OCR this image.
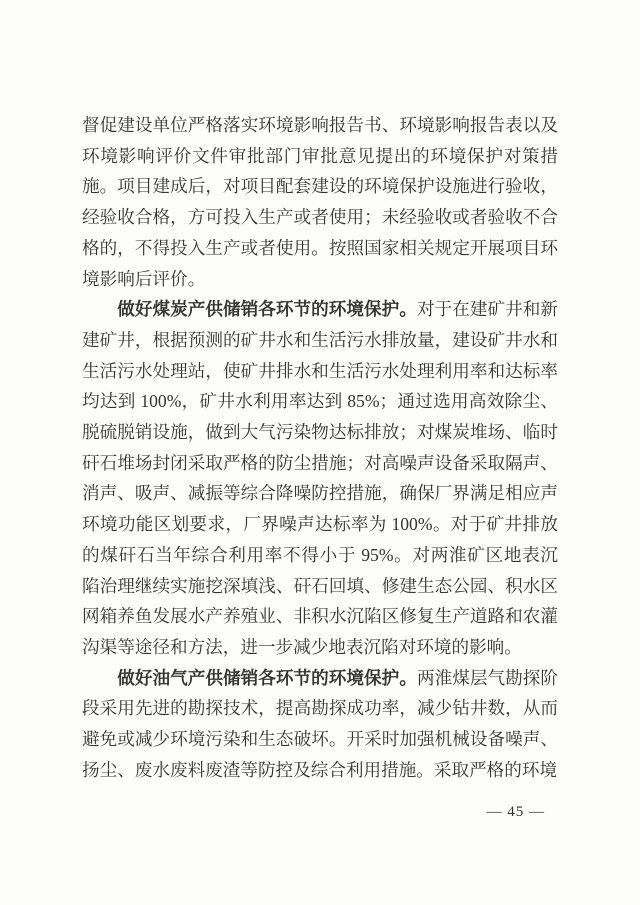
督促建设单位严格落实环境影响报告书、环境影响报告表以及环境影响评价文件审批部门审批意见提出的环境保护对策措施。项目建成后，对项目配套建设的环境保护设施进行验收，经验收合格，方可投入生产或者使用；未经验收或者验收不合格的，不得投入生产或者使用。按照国家相关规定开展项目环境影响后评价。

做好煤炭产供储销各环节的环境保护。对于在建矿井和新建矿井，根据预测的矿井水和生活污水排放量，建设矿井水和生活污水处理站，使矿井排水和生活污水处理利用率和达标率均达到 100%，矿井水利用率达到 85%；通过选用高效除尘、脱硫脱销设施，做到大气污染物达标排放；对煤炭堆场、临时矸石堆场封闭采取严格的防尘措施；对高噪声设备采取隔声、消声、吸声、减振等综合降噪防控措施，确保厂界满足相应声环境功能区划要求，厂界噪声达标率为 100%。对于矿井排放的煤矸石当年综合利用率不得小于 95%。对两淮矿区地表沉陷治理继续实施挖深填浅、矸石回填、修建生态公园、积水区网箱养鱼发展水产养殖业、非积水沉陷区修复生产道路和农灌沟渠等途径和方法，进一步减少地表沉陷对环境的影响。

做好油气产供储销各环节的环境保护。两淮煤层气勘探阶段采用先进的勘探技术，提高勘探成功率，减少钻井数，从而避免或减少环境污染和生态破坏。开采时加强机械设备噪声、扬尘、废水废料废渣等防控及综合利用措施。采取严格的环境

— 45 —
